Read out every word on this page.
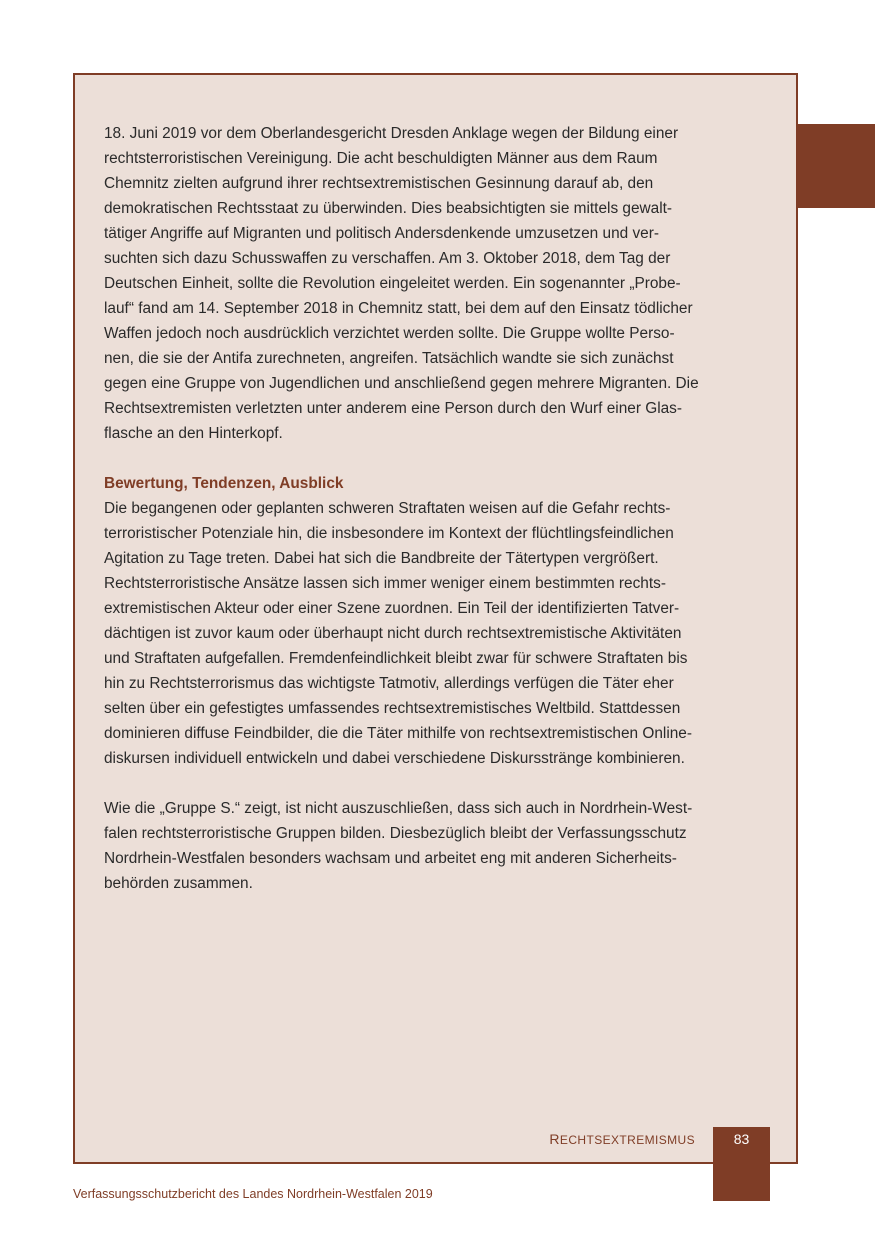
18. Juni 2019 vor dem Oberlandesgericht Dresden Anklage wegen der Bildung einer
rechtsterroristischen Vereinigung. Die acht beschuldigten Männer aus dem Raum
Chemnitz zielten aufgrund ihrer rechtsextremistischen Gesinnung darauf ab, den
demokratischen Rechtsstaat zu überwinden. Dies beabsichtigten sie mittels gewalt-
tätiger Angriffe auf Migranten und politisch Andersdenkende umzusetzen und ver-
suchten sich dazu Schusswaffen zu verschaffen. Am 3. Oktober 2018, dem Tag der
Deutschen Einheit, sollte die Revolution eingeleitet werden. Ein sogenannter „Probe-
lauf“ fand am 14. September 2018 in Chemnitz statt, bei dem auf den Einsatz tödlicher
Waffen jedoch noch ausdrücklich verzichtet werden sollte. Die Gruppe wollte Perso-
nen, die sie der Antifa zurechneten, angreifen. Tatsächlich wandte sie sich zunächst
gegen eine Gruppe von Jugendlichen und anschließend gegen mehrere Migranten. Die
Rechtsextremisten verletzten unter anderem eine Person durch den Wurf einer Glas-
flasche an den Hinterkopf.

Bewertung, Tendenzen, Ausblick

Die begangenen oder geplanten schweren Straftaten weisen auf die Gefahr rechts-
terroristischer Potenziale hin, die insbesondere im Kontext der flüchtlingsfeindlichen
Agitation zu Tage treten. Dabei hat sich die Bandbreite der Tätertypen vergrößert.
Rechtsterroristische Ansätze lassen sich immer weniger einem bestimmten rechts-
extremistischen Akteur oder einer Szene zuordnen. Ein Teil der identifizierten Tatver-
dächtigen ist zuvor kaum oder überhaupt nicht durch rechtsextremistische Aktivitäten
und Straftaten aufgefallen. Fremdenfeindlichkeit bleibt zwar für schwere Straftaten bis
hin zu Rechtsterrorismus das wichtigste Tatmotiv, allerdings verfügen die Täter eher
selten über ein gefestigtes umfassendes rechtsextremistisches Weltbild. Stattdessen
dominieren diffuse Feindbilder, die die Täter mithilfe von rechtsextremistischen Online-
diskursen individuell entwickeln und dabei verschiedene Diskursstränge kombinieren.

Wie die „Gruppe S.“ zeigt, ist nicht auszuschließen, dass sich auch in Nordrhein-West-
falen rechtsterroristische Gruppen bilden. Diesbezüglich bleibt der Verfassungsschutz
Nordrhein-Westfalen besonders wachsam und arbeitet eng mit anderen Sicherheits-
behörden zusammen.

RECHTSEXTREMISMUS	83
Verfassungsschutzbericht des Landes Nordrhein-Westfalen 2019
